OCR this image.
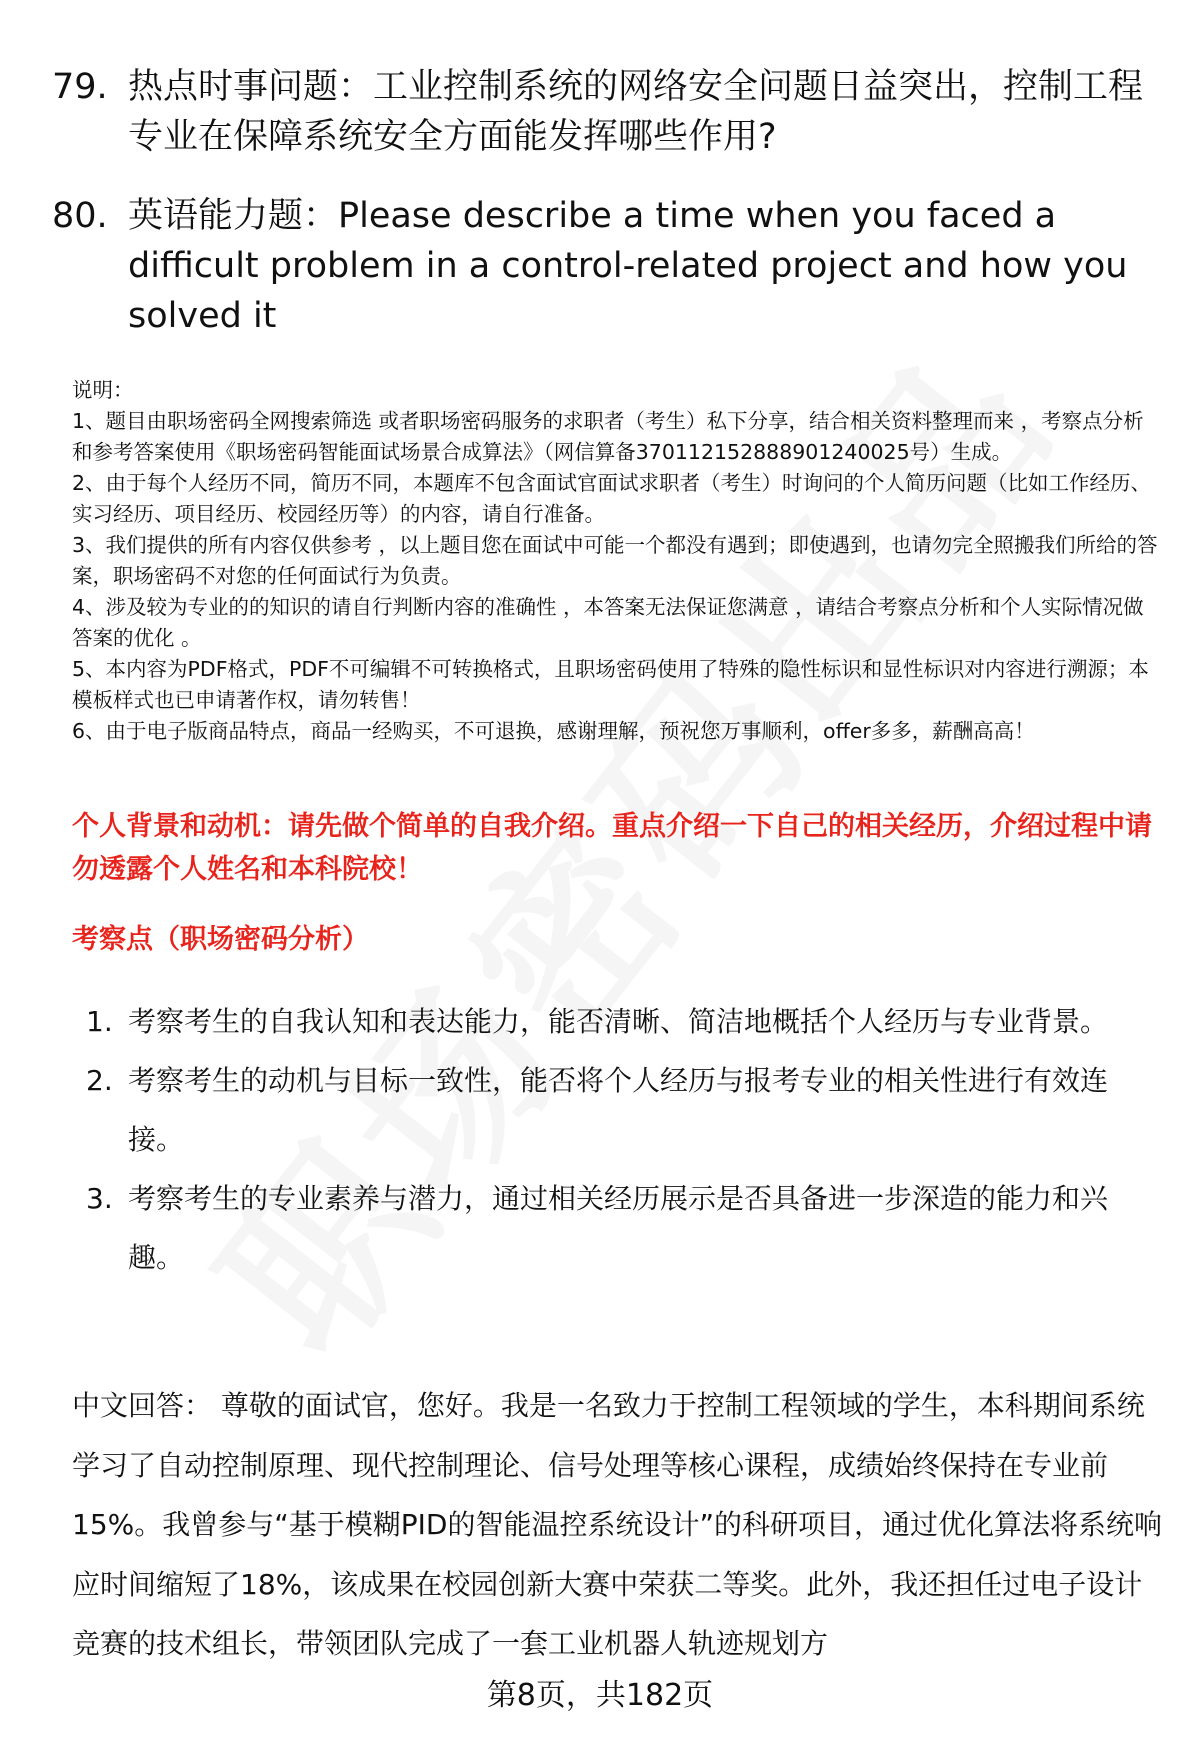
79. 热点时事问题：工业控制系统的网络安全问题日益突出，控制工程专业在保障系统安全方面能发挥哪些作用?
80. 英语能力题：Please describe a time when you faced a difficult problem in a control-related project and how you solved it
说明：
1、题目由职场密码全网搜索筛选 或者职场密码服务的求职者（考生）私下分享，结合相关资料整理而来 ，考察点分析和参考答案使用《职场密码智能面试场景合成算法》（网信算备370112152888901240025号）生成。
2、由于每个人经历不同，简历不同，本题库不包含面试官面试求职者（考生）时询问的个人简历问题（比如工作经历、实习经历、项目经历、校园经历等）的内容，请自行准备。
3、我们提供的所有内容仅供参考 ，以上题目您在面试中可能一个都没有遇到；即使遇到，也请勿完全照搬我们所给的答案，职场密码不对您的任何面试行为负责。
4、涉及较为专业的的知识的请自行判断内容的准确性 ，本答案无法保证您满意 ，请结合考察点分析和个人实际情况做答案的优化 。
5、本内容为PDF格式，PDF不可编辑不可转换格式，且职场密码使用了特殊的隐性标识和显性标识对内容进行溯源；本模板样式也已申请著作权，请勿转售！
6、由于电子版商品特点，商品一经购买，不可退换，感谢理解，预祝您万事顺利，offer多多，薪酬高高！
个人背景和动机：请先做个简单的自我介绍。重点介绍一下自己的相关经历，介绍过程中请勿透露个人姓名和本科院校！
考察点（职场密码分析）
1. 考察考生的自我认知和表达能力，能否清晰、简洁地概括个人经历与专业背景。
2. 考察考生的动机与目标一致性，能否将个人经历与报考专业的相关性进行有效连接。
3. 考察考生的专业素养与潜力，通过相关经历展示是否具备进一步深造的能力和兴趣。
中文回答： 尊敬的面试官，您好。我是一名致力于控制工程领域的学生，本科期间系统学习了自动控制原理、现代控制理论、信号处理等核心课程，成绩始终保持在专业前15%。我曾参与“基于模糊PID的智能温控系统设计”的科研项目，通过优化算法将系统响应时间缩短了18%，该成果在校园创新大赛中荣获二等奖。此外，我还担任过电子设计竞赛的技术组长，带领团队完成了一套工业机器人轨迹规划方
第8页，共182页
